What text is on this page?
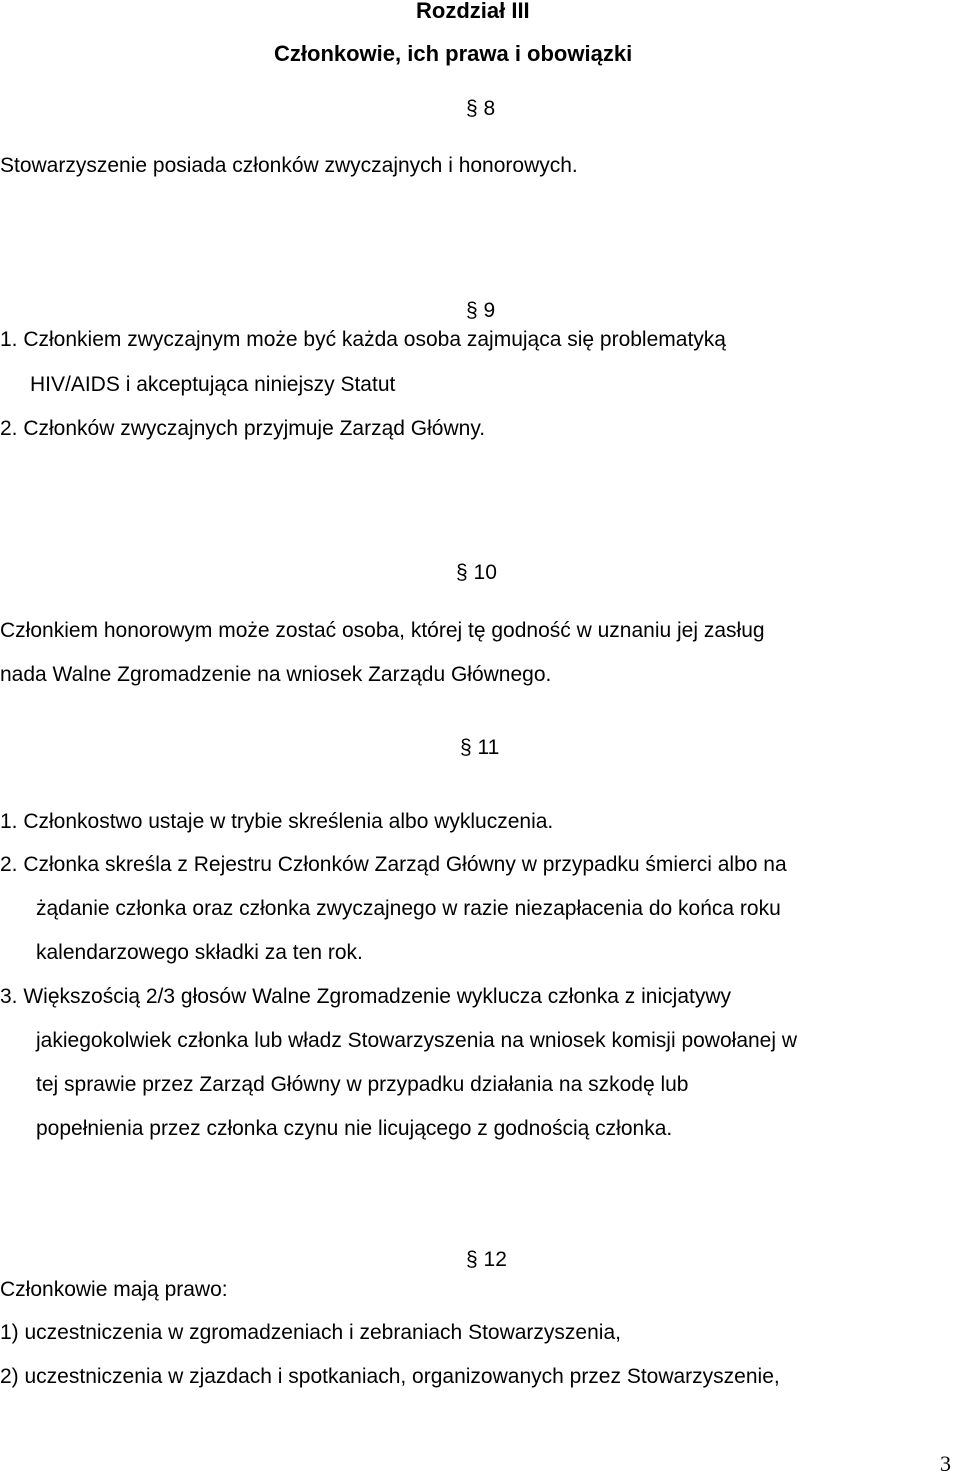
Rozdział III
Członkowie, ich prawa i obowiązki
§ 8
Stowarzyszenie posiada członków zwyczajnych i honorowych.
§ 9
1. Członkiem zwyczajnym może być każda osoba zajmująca się problematyką
HIV/AIDS i akceptująca niniejszy Statut
2. Członków zwyczajnych przyjmuje Zarząd Główny.
§ 10
Członkiem honorowym może zostać osoba, której tę godność w uznaniu jej zasług
nada Walne Zgromadzenie na wniosek Zarządu Głównego.
§ 11
1. Członkostwo ustaje w trybie skreślenia albo wykluczenia.
2. Członka skreśla z Rejestru Członków Zarząd Główny w przypadku śmierci albo na
żądanie członka oraz członka zwyczajnego w razie niezapłacenia do końca roku
kalendarzowego składki za ten rok.
3. Większością 2/3 głosów Walne Zgromadzenie wyklucza członka z inicjatywy
jakiegokolwiek członka lub władz Stowarzyszenia na wniosek komisji powołanej w
tej sprawie przez Zarząd Główny w przypadku działania na szkodę lub
popełnienia przez członka czynu nie licującego z godnością członka.
§ 12
Członkowie mają prawo:
1) uczestniczenia w zgromadzeniach i zebraniach Stowarzyszenia,
2) uczestniczenia w zjazdach i spotkaniach, organizowanych przez Stowarzyszenie,
3
